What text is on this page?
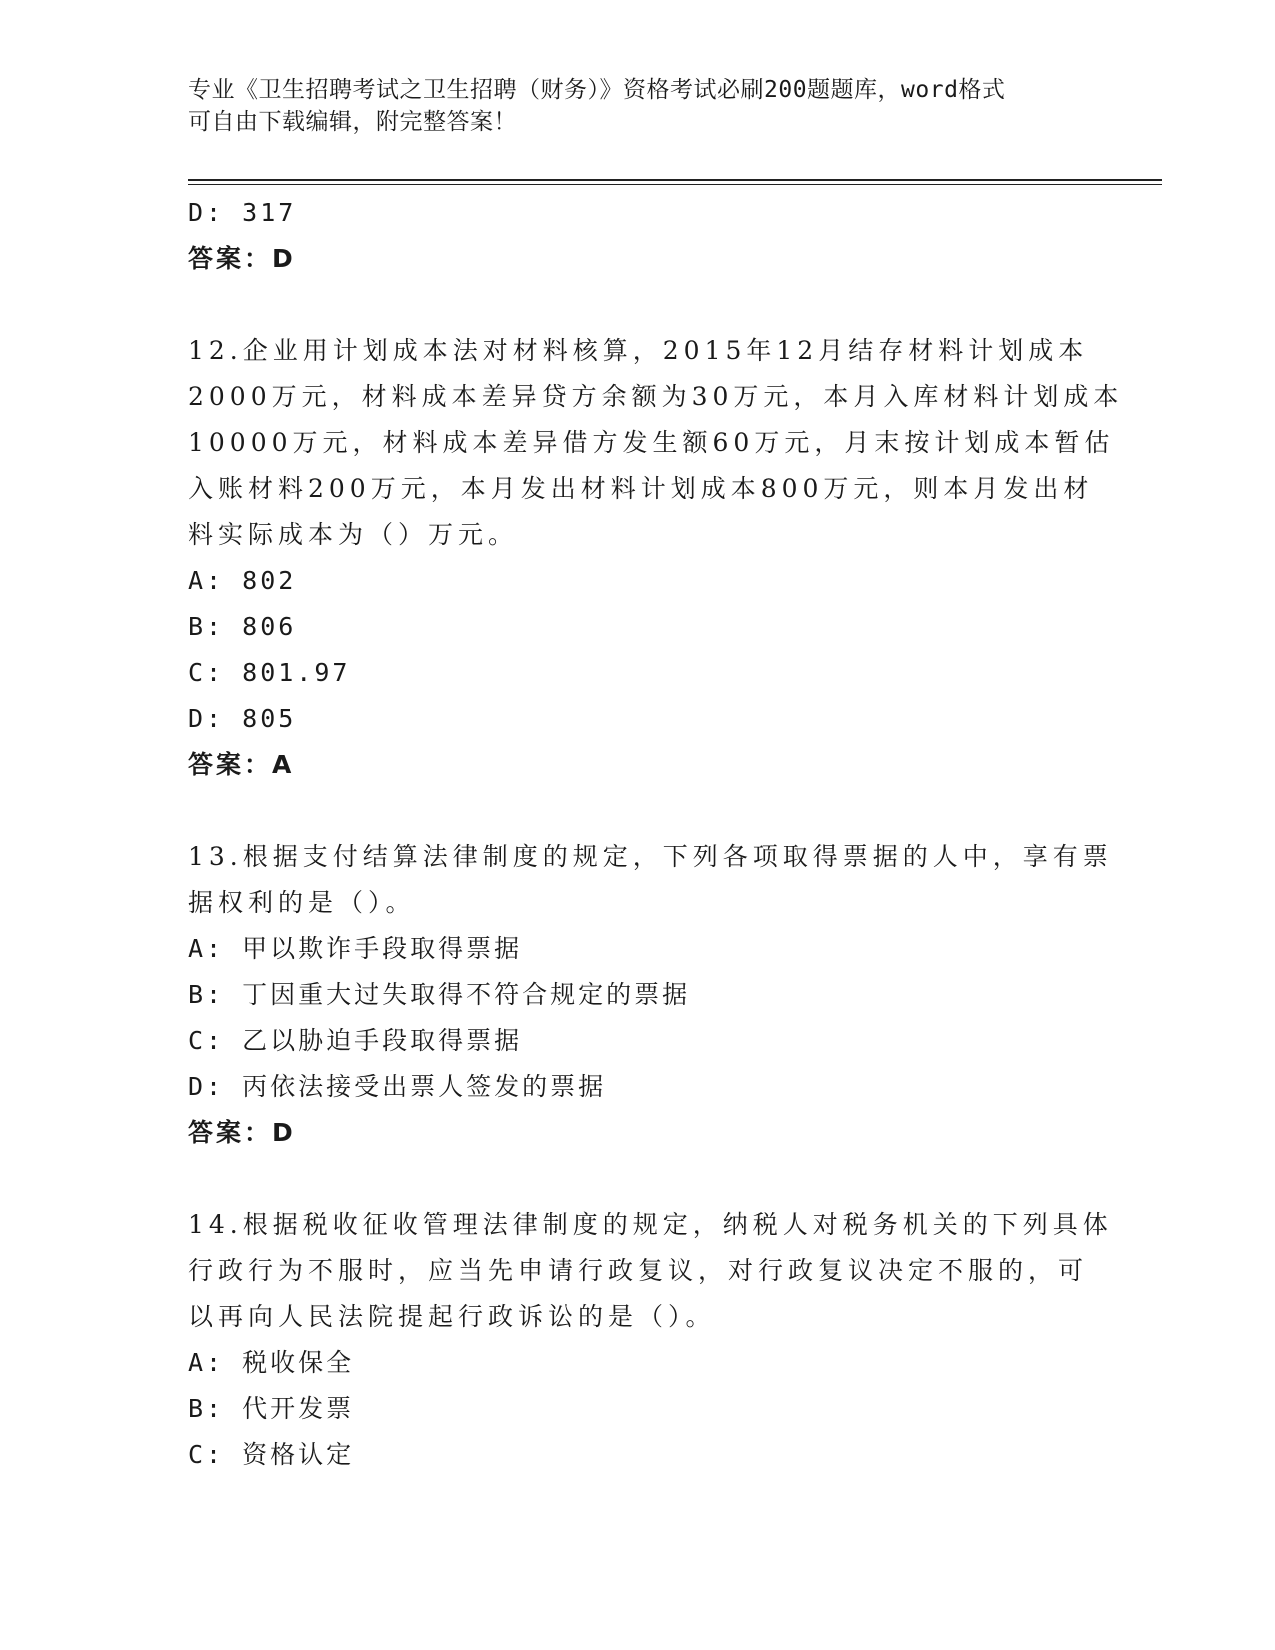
专业《卫生招聘考试之卫生招聘（财务）》资格考试必刷200题题库，word格式
可自由下载编辑，附完整答案！
D: 317
答案：D
12.企业用计划成本法对材料核算，2015年12月结存材料计划成本
2000万元，材料成本差异贷方余额为30万元，本月入库材料计划成本
10000万元，材料成本差异借方发生额60万元，月末按计划成本暂估
入账材料200万元，本月发出材料计划成本800万元，则本月发出材
料实际成本为（）万元。
A: 802
B: 806
C: 801.97
D: 805
答案：A
13.根据支付结算法律制度的规定，下列各项取得票据的人中，享有票
据权利的是（）。
A: 甲以欺诈手段取得票据
B: 丁因重大过失取得不符合规定的票据
C: 乙以胁迫手段取得票据
D: 丙依法接受出票人签发的票据
答案：D
14.根据税收征收管理法律制度的规定，纳税人对税务机关的下列具体
行政行为不服时，应当先申请行政复议，对行政复议决定不服的，可
以再向人民法院提起行政诉讼的是（）。
A: 税收保全
B: 代开发票
C: 资格认定
